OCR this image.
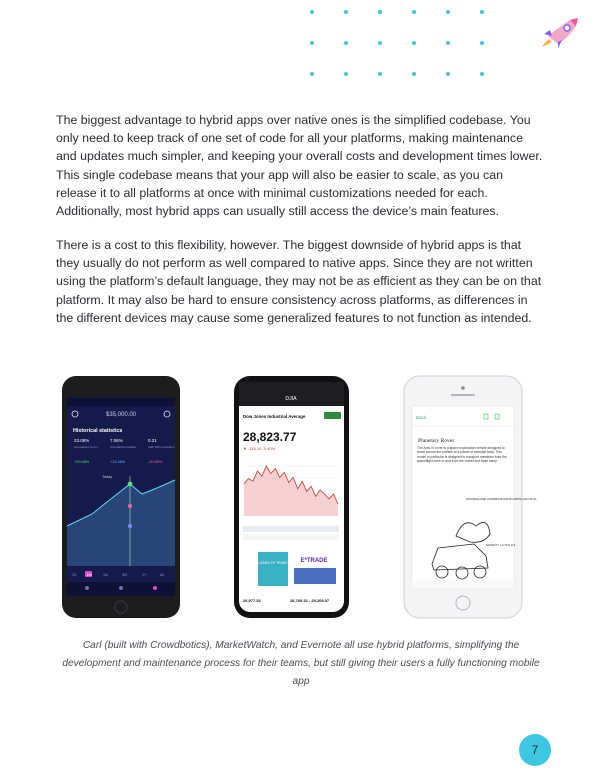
The biggest advantage to hybrid apps over native ones is the simplified codebase. You only need to keep track of one set of code for all your platforms, making maintenance and updates much simpler, and keeping your overall costs and development times lower. This single codebase means that your app will also be easier to scale, as you can release it to all platforms at once with minimal customizations needed for each. Additionally, most hybrid apps can usually still access the device’s main features.

There is a cost to this flexibility, however. The biggest downside of hybrid apps is that they usually do not perform as well compared to native apps. Since they are not written using the platform’s default language, they may not be as efficient as they can be on that platform. It may also be hard to ensure consistency across platforms, as differences in the different devices may cause some generalized features to not function as intended.

$35,000.00
Historical statistics
23.08%	7.06%	0.21
Annualized return	Annualized volatility	S&P 500 correlation
+20.08%	+13.46%	-20.66%
Today
1D	1W	1M	3M	1Y	All
DJIA
Dow Jones Industrial Average
28,823.77
▼ -115.10 -0.40%
LEARN TO TRADE E*TRADE
26,977.52	28,769.32 - 29,209.07
Back
Planetary Rover
The Ares IV rover is a space exploration vehicle designed to move across the surface of a planet or celestial body. This model in particular is designed to transport members from the spaceflight crew to and from the rocket and base camp.
STANDALONE COMMUNICATION APPS CRU IS IG
GRAVITY (-3.711) 3.3

Carl (built with Crowdbotics), MarketWatch, and Evernote all use hybrid platforms, simplifying the development and maintenance process for their teams, but still giving their users a fully functioning mobile app

7
